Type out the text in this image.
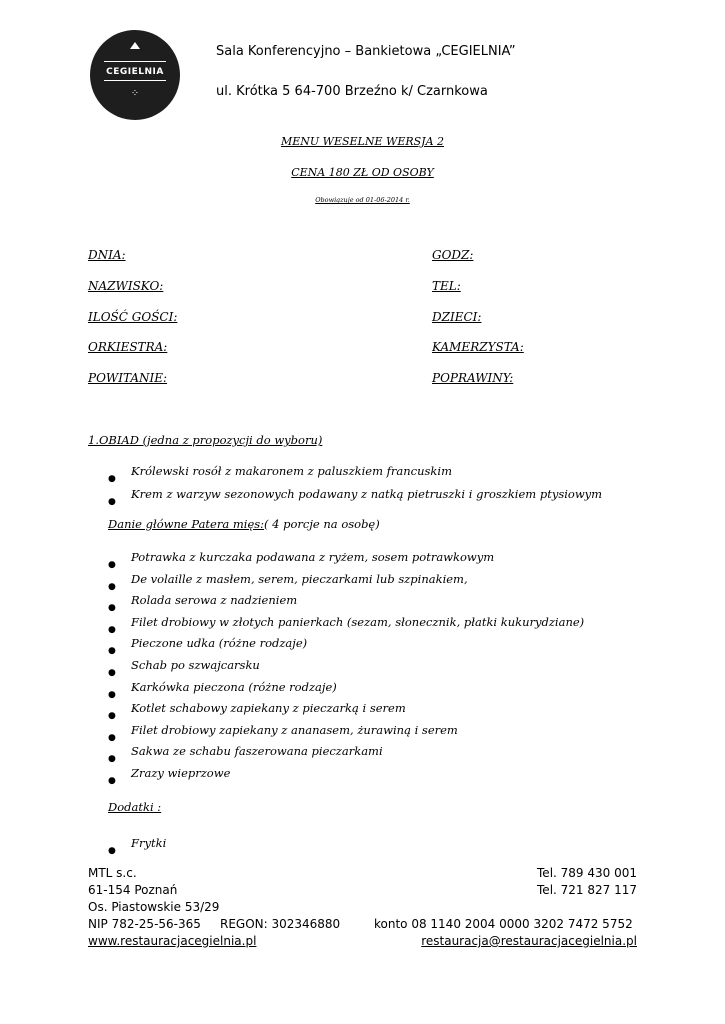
CEGIELNIA
⁘
Sala Konferencyjno – Bankietowa „CEGIELNIA”
ul. Krótka 5 64-700 Brzeźno k/ Czarnkowa
MENU WESELNE WERSJA 2
CENA 180 ZŁ OD OSOBY
Obowiązuje od 01-06-2014 r.
DNIA:
NAZWISKO:
ILOŚĆ GOŚCI:
ORKIESTRA:
POWITANIE:
GODZ:
TEL:
DZIECI:
KAMERZYSTA:
POPRAWINY:
1.OBIAD (jedna z propozycji do wyboru)
●
Królewski rosół z makaronem z paluszkiem francuskim
●
Krem z warzyw sezonowych podawany z natką pietruszki i groszkiem ptysiowym
Danie główne Patera mięs:( 4 porcje na osobę)
●
Potrawka z kurczaka podawana z ryżem, sosem potrawkowym
●
De volaille z masłem, serem, pieczarkami lub szpinakiem,
●
Rolada serowa z nadzieniem
●
Filet drobiowy w złotych panierkach (sezam, słonecznik, płatki kukurydziane)
●
Pieczone udka (różne rodzaje)
●
Schab po szwajcarsku
●
Karkówka pieczona (różne rodzaje)
●
Kotlet schabowy zapiekany z pieczarką i serem
●
Filet drobiowy zapiekany z ananasem, żurawiną i serem
●
Sakwa ze schabu faszerowana pieczarkami
●
Zrazy wieprzowe
Dodatki :
●
Frytki
MTL s.c.
61-154 Poznań
Os. Piastowskie 53/29
NIP 782-25-56-365     REGON: 302346880	konto 08 1140 2004 0000 3202 7472 5752
www.restauracjacegielnia.pl
Tel. 789 430 001
Tel. 721 827 117
restauracja@restauracjacegielnia.pl
